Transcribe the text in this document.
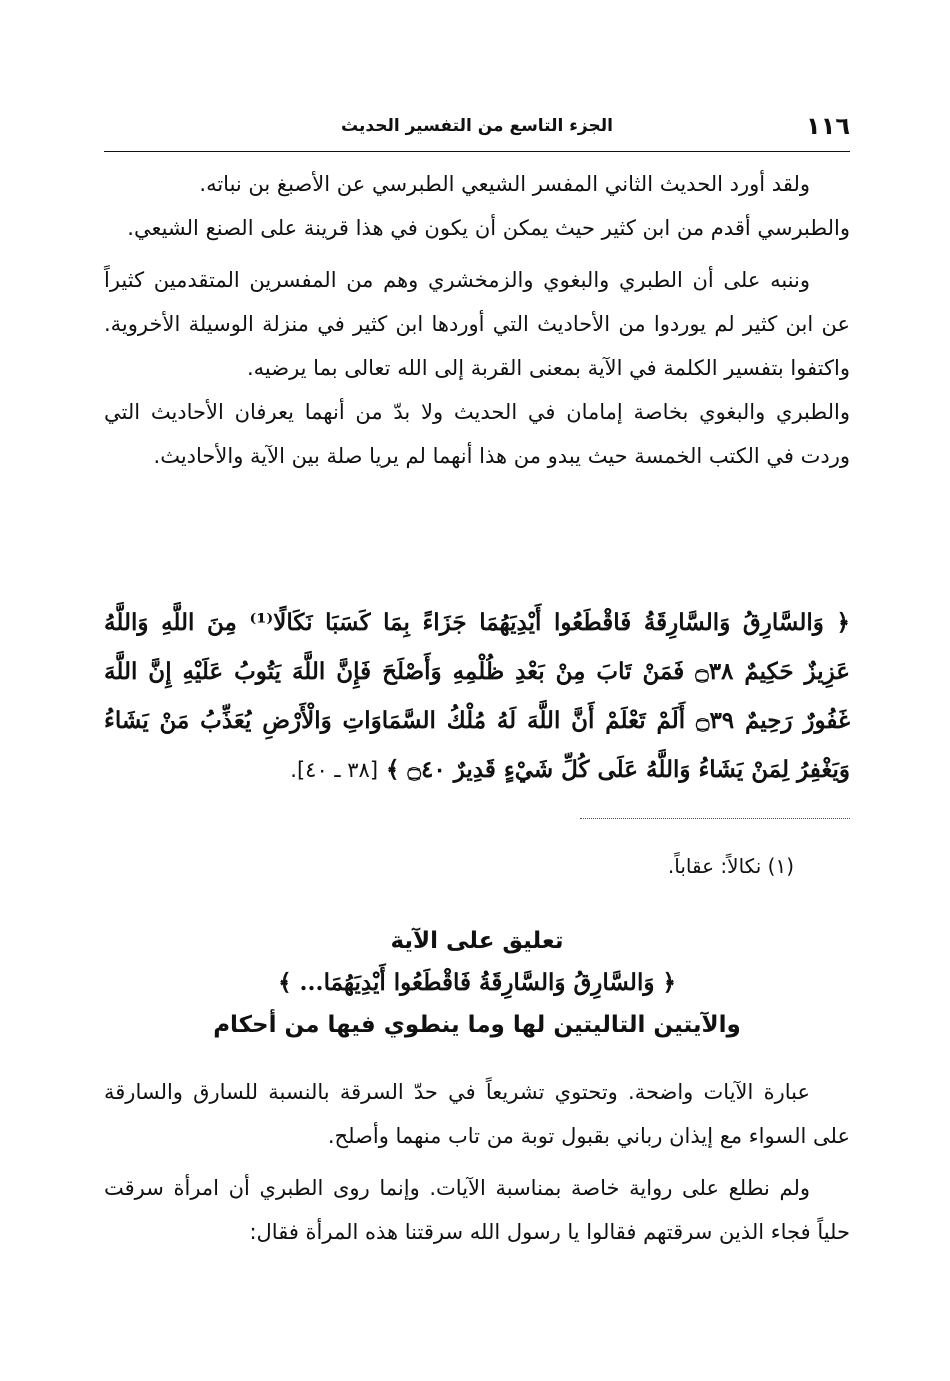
١١٦
الجزء التاسع من التفسير الحديث

ولقد أورد الحديث الثاني المفسر الشيعي الطبرسي عن الأصبغ بن نباته.

والطبرسي أقدم من ابن كثير حيث يمكن أن يكون في هذا قرينة على الصنع الشيعي.

وننبه على أن الطبري والبغوي والزمخشري وهم من المفسرين المتقدمين كثيراً عن ابن كثير لم يوردوا من الأحاديث التي أوردها ابن كثير في منزلة الوسيلة الأخروية. واكتفوا بتفسير الكلمة في الآية بمعنى القربة إلى الله تعالى بما يرضيه.

والطبري والبغوي بخاصة إمامان في الحديث ولا بدّ من أنهما يعرفان الأحاديث التي وردت في الكتب الخمسة حيث يبدو من هذا أنهما لم يريا صلة بين الآية والأحاديث.

﴿ وَالسَّارِقُ وَالسَّارِقَةُ فَاقْطَعُوا أَيْدِيَهُمَا جَزَاءً بِمَا كَسَبَا نَكَالًا⁽¹⁾ مِنَ اللَّهِ وَاللَّهُ عَزِيزٌ حَكِيمٌ ۝٣٨ فَمَنْ تَابَ مِنْ بَعْدِ ظُلْمِهِ وَأَصْلَحَ فَإِنَّ اللَّهَ يَتُوبُ عَلَيْهِ إِنَّ اللَّهَ غَفُورٌ رَحِيمٌ ۝٣٩ أَلَمْ تَعْلَمْ أَنَّ اللَّهَ لَهُ مُلْكُ السَّمَاوَاتِ وَالْأَرْضِ يُعَذِّبُ مَنْ يَشَاءُ وَيَغْفِرُ لِمَنْ يَشَاءُ وَاللَّهُ عَلَى كُلِّ شَيْءٍ قَدِيرٌ ۝٤٠ ﴾ [٣٨ ـ ٤٠].
(١) نكالاً: عقاباً.
تعليق على الآية
﴿ وَالسَّارِقُ وَالسَّارِقَةُ فَاقْطَعُوا أَيْدِيَهُمَا... ﴾
والآيتين التاليتين لها وما ينطوي فيها من أحكام

عبارة الآيات واضحة. وتحتوي تشريعاً في حدّ السرقة بالنسبة للسارق والسارقة على السواء مع إيذان رباني بقبول توبة من تاب منهما وأصلح.

ولم نطلع على رواية خاصة بمناسبة الآيات. وإنما روى الطبري أن امرأة سرقت حلياً فجاء الذين سرقتهم فقالوا يا رسول الله سرقتنا هذه المرأة فقال:
